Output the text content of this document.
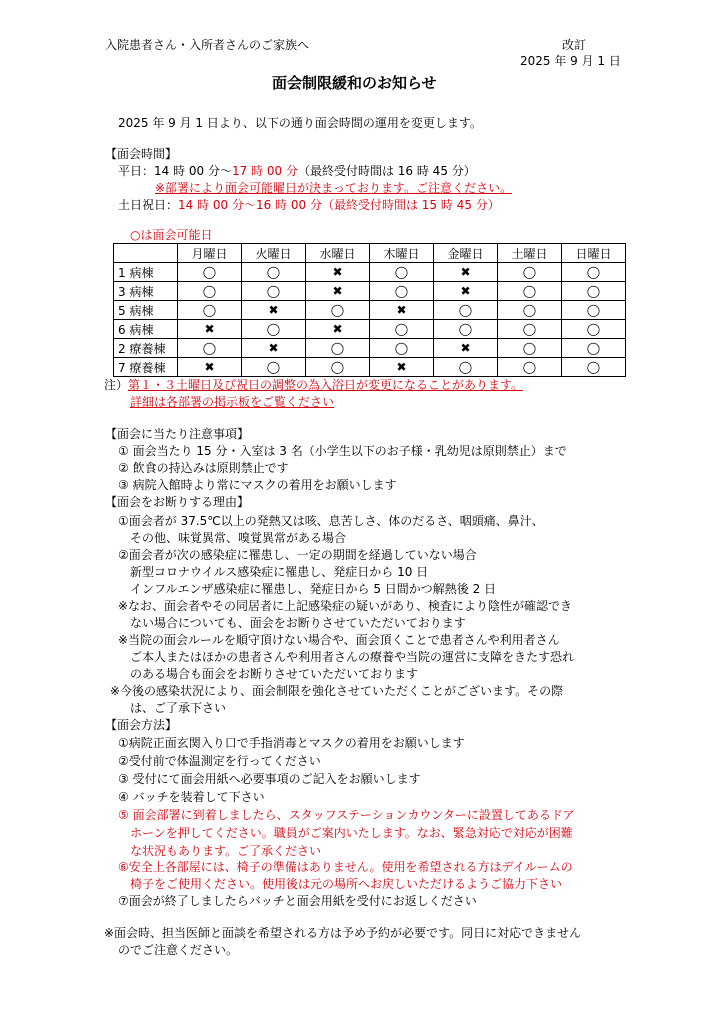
入院患者さん・入所者さんのご家族へ	改訂
2025 年 9 月 1 日
面会制限緩和のお知らせ
2025 年 9 月 1 日より、以下の通り面会時間の運用を変更します。
【面会時間】
平日：14 時 00 分～17 時 00 分（最終受付時間は 16 時 45 分）
※部署により面会可能曜日が決まっております。ご注意ください。
土日祝日：14 時 00 分～16 時 00 分（最終受付時間は 15 時 45 分）
○は面会可能日
	月曜日	火曜日	水曜日	木曜日	金曜日	土曜日	日曜日
1 病棟	◯	◯	✖	◯	✖	◯	◯
3 病棟	◯	◯	✖	◯	✖	◯	◯
5 病棟	◯	✖	◯	✖	◯	◯	◯
6 病棟	✖	◯	✖	◯	◯	◯	◯
2 療養棟	◯	✖	◯	◯	✖	◯	◯
7 療養棟	✖	◯	◯	✖	◯	◯	◯
注）第１・３土曜日及び祝日の調整の為入浴日が変更になることがあります。
詳細は各部署の掲示板をご覧ください
【面会に当たり注意事項】
① 面会当たり 15 分・入室は 3 名（小学生以下のお子様・乳幼児は原則禁止）まで
② 飲食の持込みは原則禁止です
③ 病院入館時より常にマスクの着用をお願いします
【面会をお断りする理由】
①面会者が 37.5℃以上の発熱又は咳、息苦しさ、体のだるさ、咽頭痛、鼻汁、
その他、味覚異常、嗅覚異常がある場合
②面会者が次の感染症に罹患し、一定の期間を経過していない場合
新型コロナウイルス感染症に罹患し、発症日から 10 日
インフルエンザ感染症に罹患し、発症日から 5 日間かつ解熱後 2 日
※なお、面会者やその同居者に上記感染症の疑いがあり、検査により陰性が確認でき
ない場合についても、面会をお断りさせていただいております
※当院の面会ルールを順守頂けない場合や、面会頂くことで患者さんや利用者さん
ご本人またはほかの患者さんや利用者さんの療養や当院の運営に支障をきたす恐れ
のある場合も面会をお断りさせていただいております
※今後の感染状況により、面会制限を強化させていただくことがございます。その際
は、ご了承下さい
【面会方法】
①病院正面玄関入り口で手指消毒とマスクの着用をお願いします
②受付前で体温測定を行ってください
③ 受付にて面会用紙へ必要事項のご記入をお願いします
④ バッチを装着して下さい
⑤ 面会部署に到着しましたら、スタッフステーションカウンターに設置してあるドア
ホーンを押してください。職員がご案内いたします。なお、緊急対応で対応が困難
な状況もあります。ご了承ください
⑥安全上各部屋には、椅子の準備はありません。使用を希望される方はデイルームの
椅子をご使用ください。使用後は元の場所へお戻しいただけるようご協力下さい
⑦面会が終了しましたらバッチと面会用紙を受付にお返しください
※面会時、担当医師と面談を希望される方は予め予約が必要です。同日に対応できません
のでご注意ください。
